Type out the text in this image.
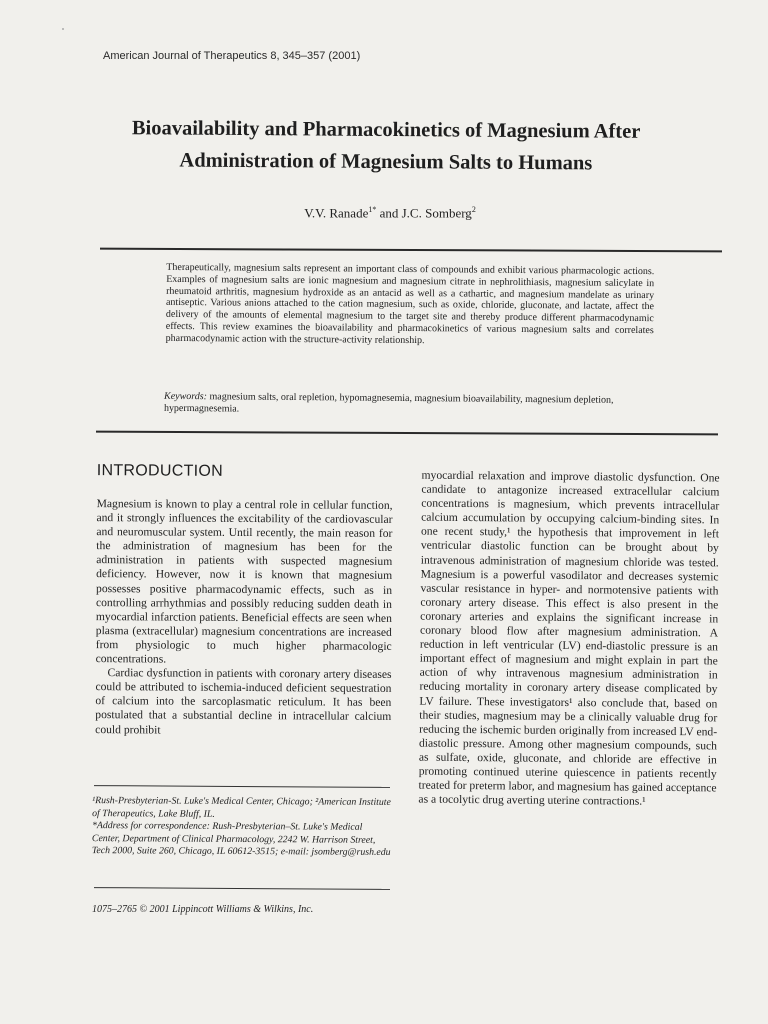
American Journal of Therapeutics 8, 345–357 (2001)
Bioavailability and Pharmacokinetics of Magnesium After
Administration of Magnesium Salts to Humans
V.V. Ranade$^{1*}$ and J.C. Somberg$^2$
Therapeutically, magnesium salts represent an important class of compounds and exhibit various pharmacologic actions. Examples of magnesium salts are ionic magnesium and magnesium citrate in nephrolithiasis, magnesium salicylate in rheumatoid arthritis, magnesium hydroxide as an antacid as well as a cathartic, and magnesium mandelate as urinary antiseptic. Various anions attached to the cation magnesium, such as oxide, chloride, gluconate, and lactate, affect the delivery of the amounts of elemental magnesium to the target site and thereby produce different pharmacodynamic effects. This review examines the bioavailability and pharmacokinetics of various magnesium salts and correlates pharmacodynamic action with the structure-activity relationship.
Keywords: magnesium salts, oral repletion, hypomagnesemia, magnesium bioavailability, magnesium depletion, hypermagnesemia.

INTRODUCTION

Magnesium is known to play a central role in cellular function, and it strongly influences the excitability of the cardiovascular and neuromuscular system. Until recently, the main reason for the administration of magnesium has been for the administration in patients with suspected magnesium deficiency. However, now it is known that magnesium possesses positive pharmacodynamic effects, such as in controlling arrhythmias and possibly reducing sudden death in myocardial infarction patients. Beneficial effects are seen when plasma (extracellular) magnesium concentrations are increased from physiologic to much higher pharmacologic concentrations.

Cardiac dysfunction in patients with coronary artery diseases could be attributed to ischemia-induced deficient sequestration of calcium into the sarcoplasmatic reticulum. It has been postulated that a substantial decline in intracellular calcium could prohibit

myocardial relaxation and improve diastolic dysfunction. One candidate to antagonize increased extracellular calcium concentrations is magnesium, which prevents intracellular calcium accumulation by occupying calcium-binding sites. In one recent study,¹ the hypothesis that improvement in left ventricular diastolic function can be brought about by intravenous administration of magnesium chloride was tested. Magnesium is a powerful vasodilator and decreases systemic vascular resistance in hyper- and normotensive patients with coronary artery disease. This effect is also present in the coronary arteries and explains the significant increase in coronary blood flow after magnesium administration. A reduction in left ventricular (LV) end-diastolic pressure is an important effect of magnesium and might explain in part the action of why intravenous magnesium administration in reducing mortality in coronary artery disease complicated by LV failure. These investigators¹ also conclude that, based on their studies, magnesium may be a clinically valuable drug for reducing the ischemic burden originally from increased LV end-diastolic pressure. Among other magnesium compounds, such as sulfate, oxide, gluconate, and chloride are effective in promoting continued uterine quiescence in patients recently treated for preterm labor, and magnesium has gained acceptance as a tocolytic drug averting uterine contractions.¹

¹Rush-Presbyterian-St. Luke's Medical Center, Chicago; ²American Institute of Therapeutics, Lake Bluff, IL.

*Address for correspondence: Rush-Presbyterian–St. Luke's Medical Center, Department of Clinical Pharmacology, 2242 W. Harrison Street, Tech 2000, Suite 260, Chicago, IL 60612-3515; e-mail: jsomberg@rush.edu

1075–2765 © 2001 Lippincott Williams & Wilkins, Inc.
